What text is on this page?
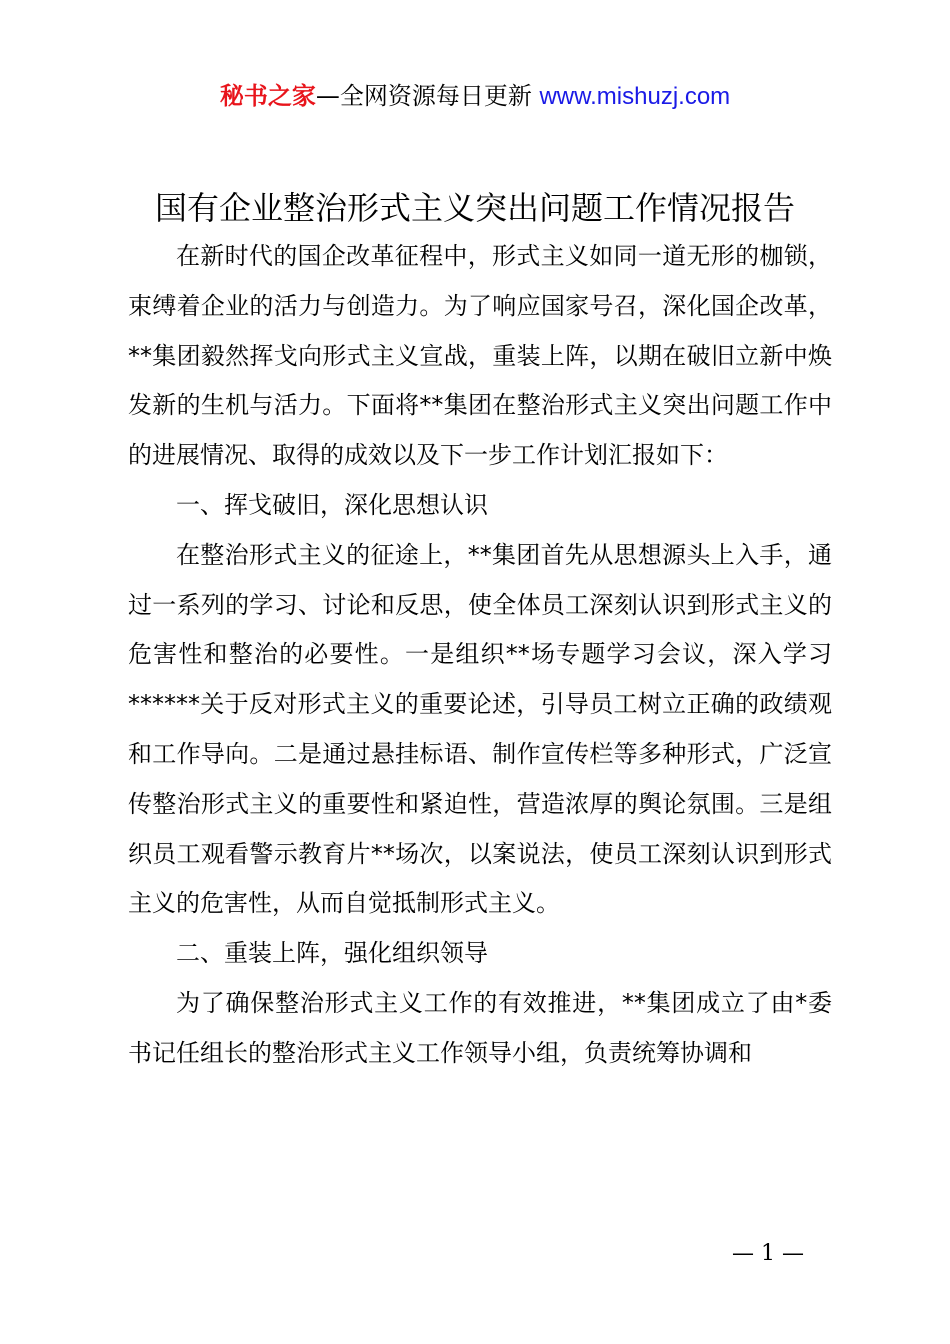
秘书之家—全网资源每日更新 www.mishuzj.com
国有企业整治形式主义突出问题工作情况报告

在新时代的国企改革征程中，形式主义如同一道无形的枷锁，束缚着企业的活力与创造力。为了响应国家号召，深化国企改革，**集团毅然挥戈向形式主义宣战，重装上阵，以期在破旧立新中焕发新的生机与活力。下面将**集团在整治形式主义突出问题工作中的进展情况、取得的成效以及下一步工作计划汇报如下：

一、挥戈破旧，深化思想认识

在整治形式主义的征途上，**集团首先从思想源头上入手，通过一系列的学习、讨论和反思，使全体员工深刻认识到形式主义的危害性和整治的必要性。一是组织**场专题学习会议，深入学习******关于反对形式主义的重要论述，引导员工树立正确的政绩观和工作导向。二是通过悬挂标语、制作宣传栏等多种形式，广泛宣传整治形式主义的重要性和紧迫性，营造浓厚的舆论氛围。三是组织员工观看警示教育片**场次，以案说法，使员工深刻认识到形式主义的危害性，从而自觉抵制形式主义。

二、重装上阵，强化组织领导

为了确保整治形式主义工作的有效推进，**集团成立了由*委书记任组长的整治形式主义工作领导小组，负责统筹协调和

— 1 —
